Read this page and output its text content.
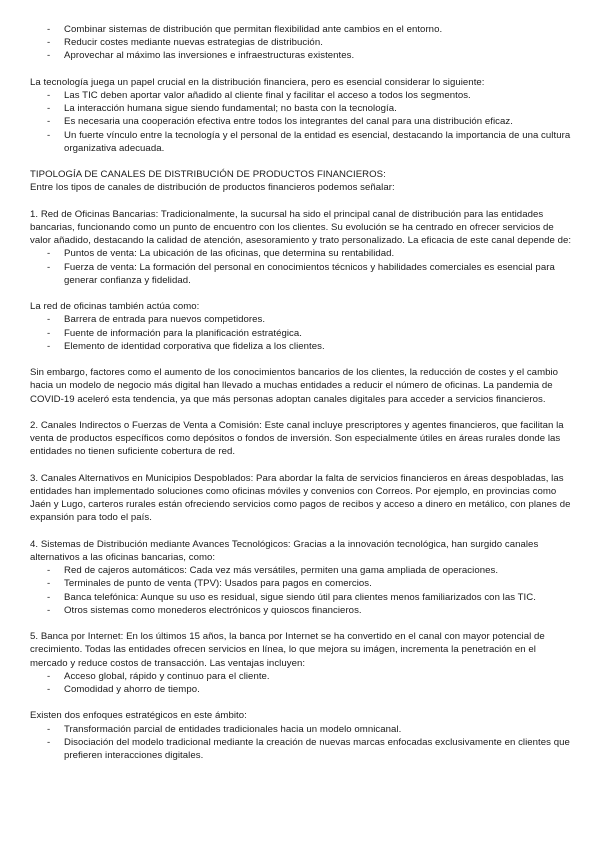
- Combinar sistemas de distribución que permitan flexibilidad ante cambios en el entorno.
- Reducir costes mediante nuevas estrategias de distribución.
- Aprovechar al máximo las inversiones e infraestructuras existentes.

La tecnología juega un papel crucial en la distribución financiera, pero es esencial considerar lo siguiente:

- Las TIC deben aportar valor añadido al cliente final y facilitar el acceso a todos los segmentos.
- La interacción humana sigue siendo fundamental; no basta con la tecnología.
- Es necesaria una cooperación efectiva entre todos los integrantes del canal para una distribución eficaz.
- Un fuerte vínculo entre la tecnología y el personal de la entidad es esencial, destacando la importancia de una cultura organizativa adecuada.

TIPOLOGÍA DE CANALES DE DISTRIBUCIÓN DE PRODUCTOS FINANCIEROS:

Entre los tipos de canales de distribución de productos financieros podemos señalar:

1. Red de Oficinas Bancarias: Tradicionalmente, la sucursal ha sido el principal canal de distribución para las entidades bancarias, funcionando como un punto de encuentro con los clientes. Su evolución se ha centrado en ofrecer servicios de valor añadido, destacando la calidad de atención, asesoramiento y trato personalizado. La eficacia de este canal depende de:

- Puntos de venta: La ubicación de las oficinas, que determina su rentabilidad.
- Fuerza de venta: La formación del personal en conocimientos técnicos y habilidades comerciales es esencial para generar confianza y fidelidad.

La red de oficinas también actúa como:

- Barrera de entrada para nuevos competidores.
- Fuente de información para la planificación estratégica.
- Elemento de identidad corporativa que fideliza a los clientes.

Sin embargo, factores como el aumento de los conocimientos bancarios de los clientes, la reducción de costes y el cambio hacia un modelo de negocio más digital han llevado a muchas entidades a reducir el número de oficinas. La pandemia de COVID-19 aceleró esta tendencia, ya que más personas adoptan canales digitales para acceder a servicios financieros.

2. Canales Indirectos o Fuerzas de Venta a Comisión: Este canal incluye prescriptores y agentes financieros, que facilitan la venta de productos específicos como depósitos o fondos de inversión. Son especialmente útiles en áreas rurales donde las entidades no tienen suficiente cobertura de red.

3. Canales Alternativos en Municipios Despoblados: Para abordar la falta de servicios financieros en áreas despobladas, las entidades han implementado soluciones como oficinas móviles y convenios con Correos. Por ejemplo, en provincias como Jaén y Lugo, carteros rurales están ofreciendo servicios como pagos de recibos y acceso a dinero en metálico, con planes de expansión para todo el país.

4. Sistemas de Distribución mediante Avances Tecnológicos: Gracias a la innovación tecnológica, han surgido canales alternativos a las oficinas bancarias, como:

- Red de cajeros automáticos: Cada vez más versátiles, permiten una gama ampliada de operaciones.
- Terminales de punto de venta (TPV): Usados para pagos en comercios.
- Banca telefónica: Aunque su uso es residual, sigue siendo útil para clientes menos familiarizados con las TIC.
- Otros sistemas como monederos electrónicos y quioscos financieros.

5. Banca por Internet: En los últimos 15 años, la banca por Internet se ha convertido en el canal con mayor potencial de crecimiento. Todas las entidades ofrecen servicios en línea, lo que mejora su imágen, incrementa la penetración en el mercado y reduce costos de transacción. Las ventajas incluyen:

- Acceso global, rápido y continuo para el cliente.
- Comodidad y ahorro de tiempo.

Existen dos enfoques estratégicos en este ámbito:

- Transformación parcial de entidades tradicionales hacia un modelo omnicanal.
- Disociación del modelo tradicional mediante la creación de nuevas marcas enfocadas exclusivamente en clientes que prefieren interacciones digitales.
